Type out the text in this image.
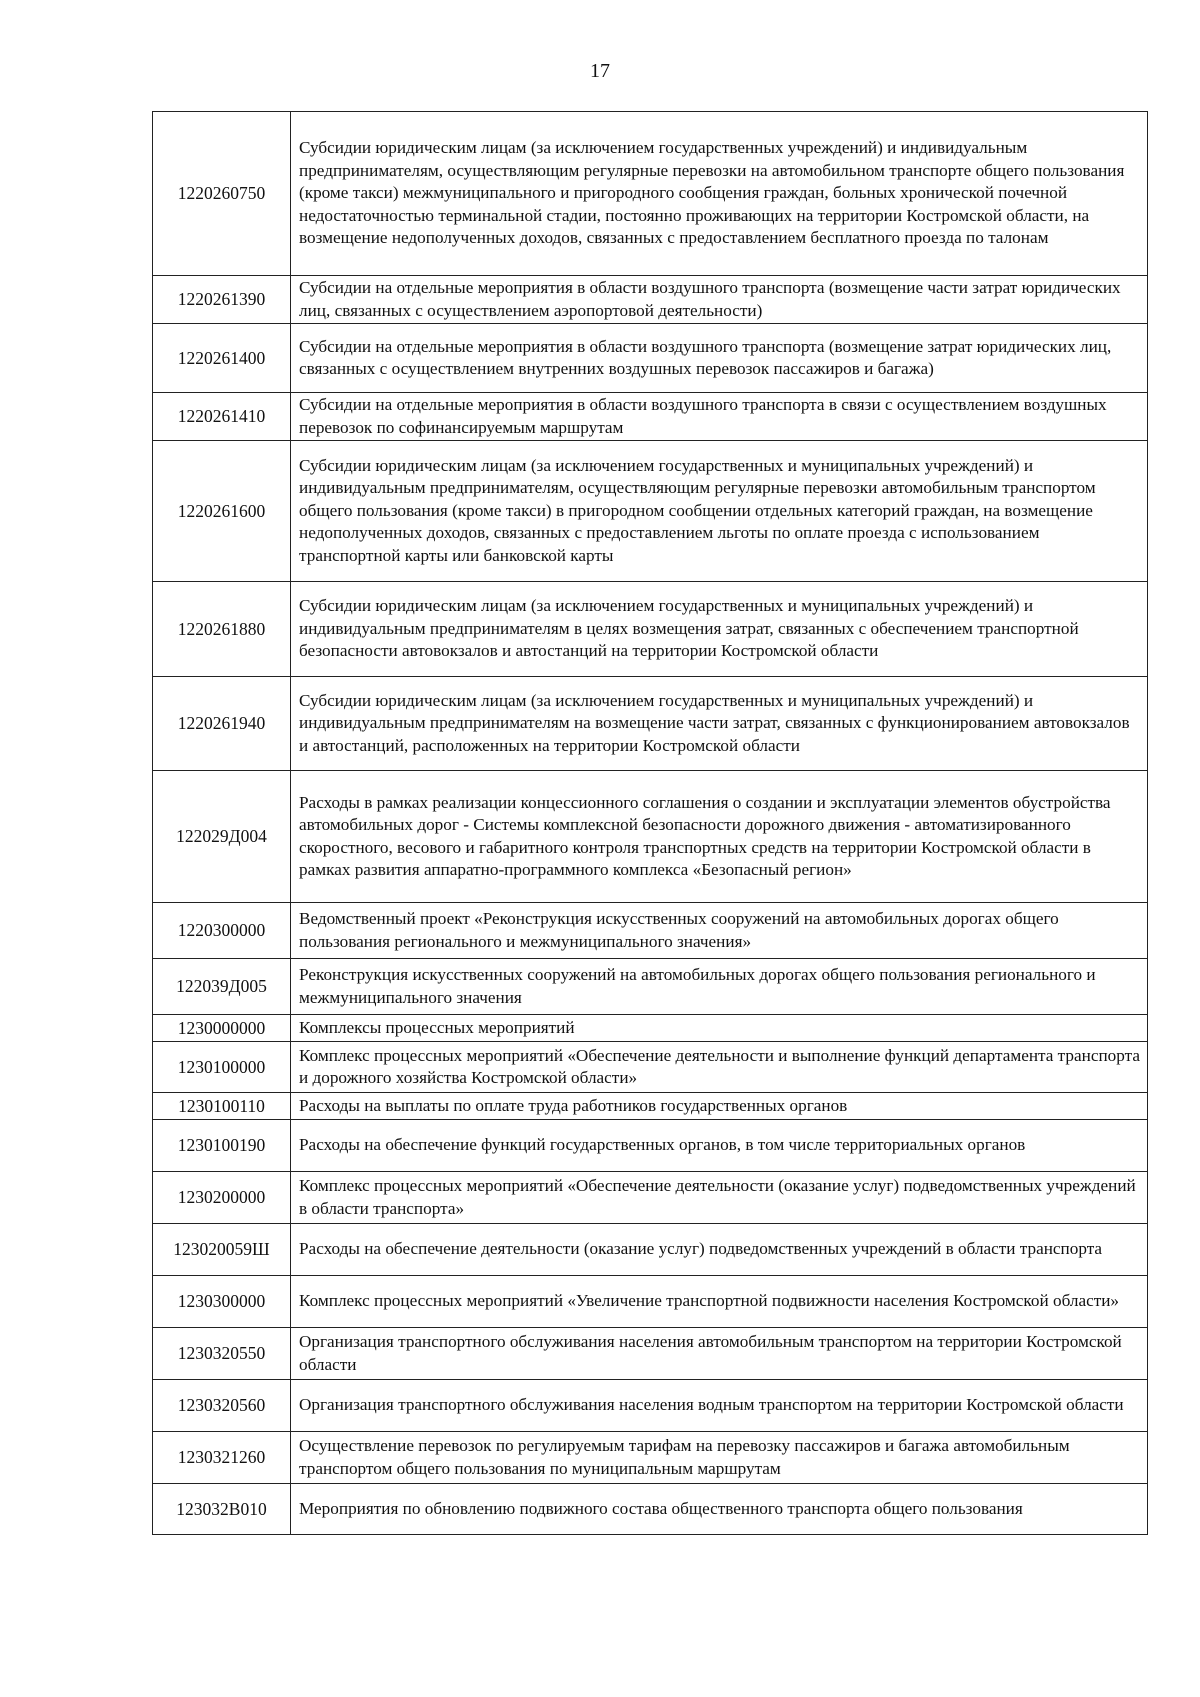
17
1220260750	Субсидии юридическим лицам (за исключением государственных учреждений) и индивидуальным предпринимателям, осуществляющим регулярные перевозки на автомобильном транспорте общего пользования (кроме такси) межмуниципального и пригородного сообщения граждан, больных хронической почечной недостаточностью терминальной стадии, постоянно проживающих на территории Костромской области, на возмещение недополученных доходов, связанных с предоставлением бесплатного проезда по талонам
1220261390	Субсидии на отдельные мероприятия в области воздушного транспорта (возмещение части затрат юридических лиц, связанных с осуществлением аэропортовой деятельности)
1220261400	Субсидии на отдельные мероприятия в области воздушного транспорта (возмещение затрат юридических лиц, связанных с осуществлением внутренних воздушных перевозок пассажиров и багажа)
1220261410	Субсидии на отдельные мероприятия в области воздушного транспорта в связи с осуществлением воздушных перевозок по софинансируемым маршрутам
1220261600	Субсидии юридическим лицам (за исключением государственных и муниципальных учреждений) и индивидуальным предпринимателям, осуществляющим регулярные перевозки автомобильным транспортом общего пользования (кроме такси) в пригородном сообщении отдельных категорий граждан, на возмещение недополученных доходов, связанных с предоставлением льготы по оплате проезда с использованием транспортной карты или банковской карты
1220261880	Субсидии юридическим лицам (за исключением государственных и муниципальных учреждений) и индивидуальным предпринимателям в целях возмещения затрат, связанных с обеспечением транспортной безопасности автовокзалов и автостанций на территории Костромской области
1220261940	Субсидии юридическим лицам (за исключением государственных и муниципальных учреждений) и индивидуальным предпринимателям на возмещение части затрат, связанных с функционированием автовокзалов и автостанций, расположенных на территории Костромской области
122029Д004	Расходы в рамках реализации концессионного соглашения о создании и эксплуатации элементов обустройства автомобильных дорог - Системы комплексной безопасности дорожного движения - автоматизированного скоростного, весового и габаритного контроля транспортных средств на территории Костромской области в рамках развития аппаратно-программного комплекса «Безопасный регион»
1220300000	Ведомственный проект «Реконструкция искусственных сооружений на автомобильных дорогах общего пользования регионального и межмуниципального значения»
122039Д005	Реконструкция искусственных сооружений на автомобильных дорогах общего пользования регионального и межмуниципального значения
1230000000	Комплексы процессных мероприятий
1230100000	Комплекс процессных мероприятий «Обеспечение деятельности и выполнение функций департамента транспорта и дорожного хозяйства Костромской области»
1230100110	Расходы на выплаты по оплате труда работников государственных органов
1230100190	Расходы на обеспечение функций государственных органов, в том числе территориальных органов
1230200000	Комплекс процессных мероприятий «Обеспечение деятельности (оказание услуг) подведомственных учреждений в области транспорта»
123020059Ш	Расходы на обеспечение деятельности (оказание услуг) подведомственных учреждений в области транспорта
1230300000	Комплекс процессных мероприятий «Увеличение транспортной подвижности населения Костромской области»
1230320550	Организация транспортного обслуживания населения автомобильным транспортом на территории Костромской области
1230320560	Организация транспортного обслуживания населения водным транспортом на территории Костромской области
1230321260	Осуществление перевозок по регулируемым тарифам на перевозку пассажиров и багажа автомобильным транспортом общего пользования по муниципальным маршрутам
123032В010	Мероприятия по обновлению подвижного состава общественного транспорта общего пользования
